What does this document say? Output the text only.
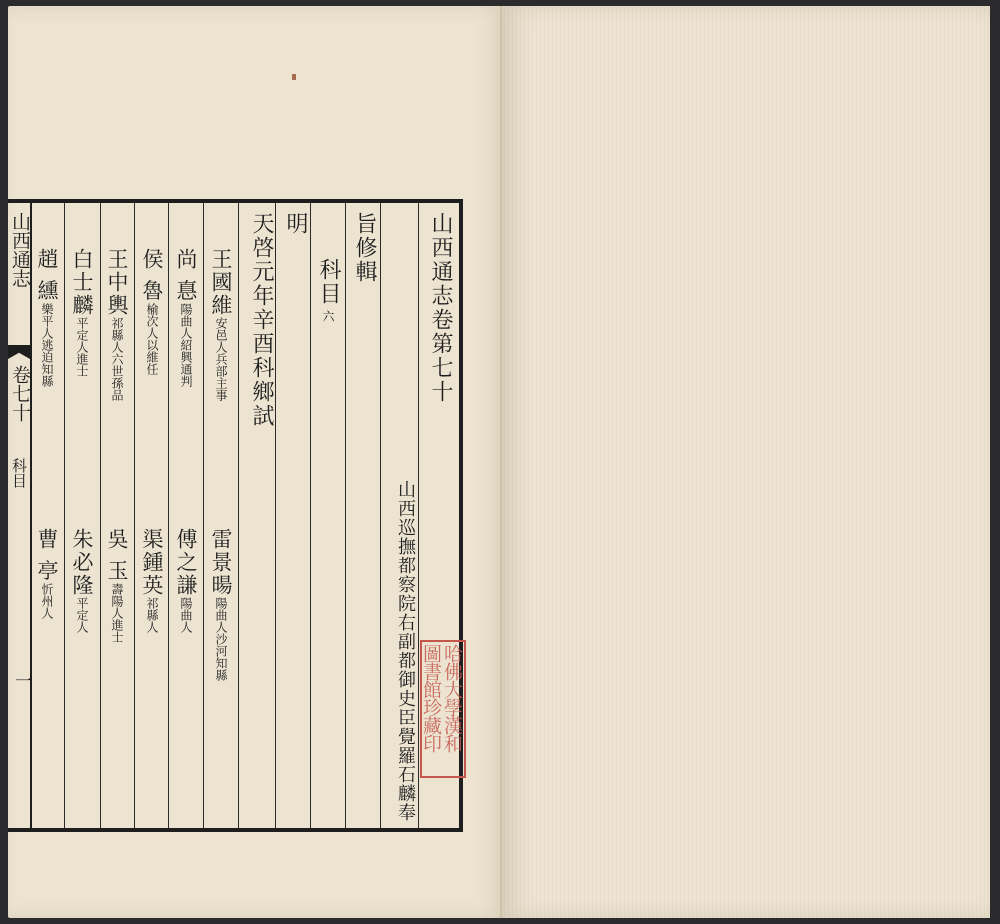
山西通志卷第七十
山西巡撫都察院右副都御史臣覺羅石麟奉
旨修輯
科目
六
明
天啓元年辛酉科鄉試
王國維安邑人兵部主事
尚 惪陽曲人紹興通判
侯 魯榆次人以維任
王中輿祁縣人六世孫品
白士麟平定人進士
趙 纁樂平人逃迫知縣
雷景暘陽曲人沙河知縣
傅之謙陽曲人
渠鍾英祁縣人
吳 玉壽陽人進士
朱必隆平定人
曹 亭忻州人
山西通志
卷七十
科目
一	哈佛大學漢和
圖書館珍藏印
